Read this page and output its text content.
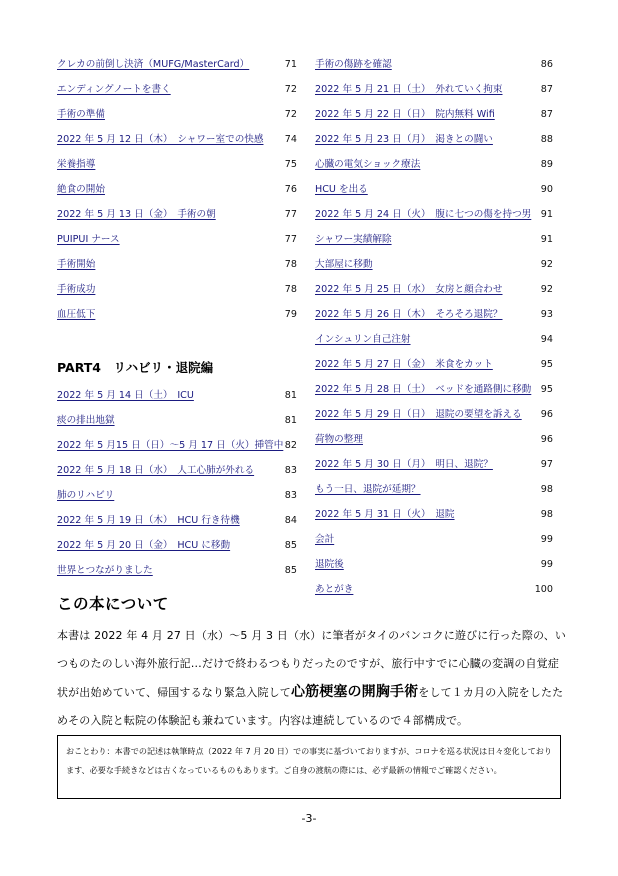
クレカの前倒し決済（MUFG/MasterCard）	71
エンディングノートを書く	72
手術の準備	72
2022 年 5 月 12 日（木）　シャワー室での快感 74
栄養指導	75
絶食の開始	76
2022 年 5 月 13 日（金）　手術の朝	77
PUIPUI ナース	77
手術開始	78
手術成功	78
血圧低下	79
PART4　リハビリ・退院編
2022 年 5 月 14 日（土）　ICU	81
痰の排出地獄	81
2022 年 5 月15 日（日）～5 月 17 日（火）挿管中 82
2022 年 5 月 18 日（水）　人工心肺が外れる	83
肺のリハビリ	83
2022 年 5 月 19 日（木）　HCU 行き待機	84
2022 年 5 月 20 日（金）　HCU に移動	85
世界とつながりました	85
手術の傷跡を確認	86
2022 年 5 月 21 日（土）　外れていく拘束	87
2022 年 5 月 22 日（日）　院内無料 Wifi	87
2022 年 5 月 23 日（月）　渇きとの闘い	88
心臓の電気ショック療法	89
HCU を出る	90
2022 年 5 月 24 日（火）　腹に七つの傷を持つ男 91
シャワー実績解除	91
大部屋に移動	92
2022 年 5 月 25 日（水）　女房と顔合わせ	92
2022 年 5 月 26 日（木）　そろそろ退院？	93
インシュリン自己注射	94
2022 年 5 月 27 日（金）　米食をカット	95
2022 年 5 月 28 日（土）　ベッドを通路側に移動 95
2022 年 5 月 29 日（日）　退院の要望を訴える 96
荷物の整理	96
2022 年 5 月 30 日（月）　明日、退院？	97
もう一日、退院が延期？	98
2022 年 5 月 31 日（火）　退院	98
会計	99
退院後	99
あとがき	100
この本について
本書は 2022 年 4 月 27 日（水）～5 月 3 日（水）に筆者がタイのバンコクに遊びに行った際の、いつものたのしい海外旅行記…だけで終わるつもりだったのですが、旅行中すでに心臓の変調の自覚症状が出始めていて、帰国するなり緊急入院して心筋梗塞の開胸手術をして１カ月の入院をしたためその入院と転院の体験記も兼ねています。内容は連続しているので４部構成で。
おことわり：本書での記述は執筆時点（2022 年 7 月 20 日）での事実に基づいておりますが、コロナを巡る状況は日々変化しております、必要な手続きなどは古くなっているものもあります。ご自身の渡航の際には、必ず最新の情報でご確認ください。
-3-
